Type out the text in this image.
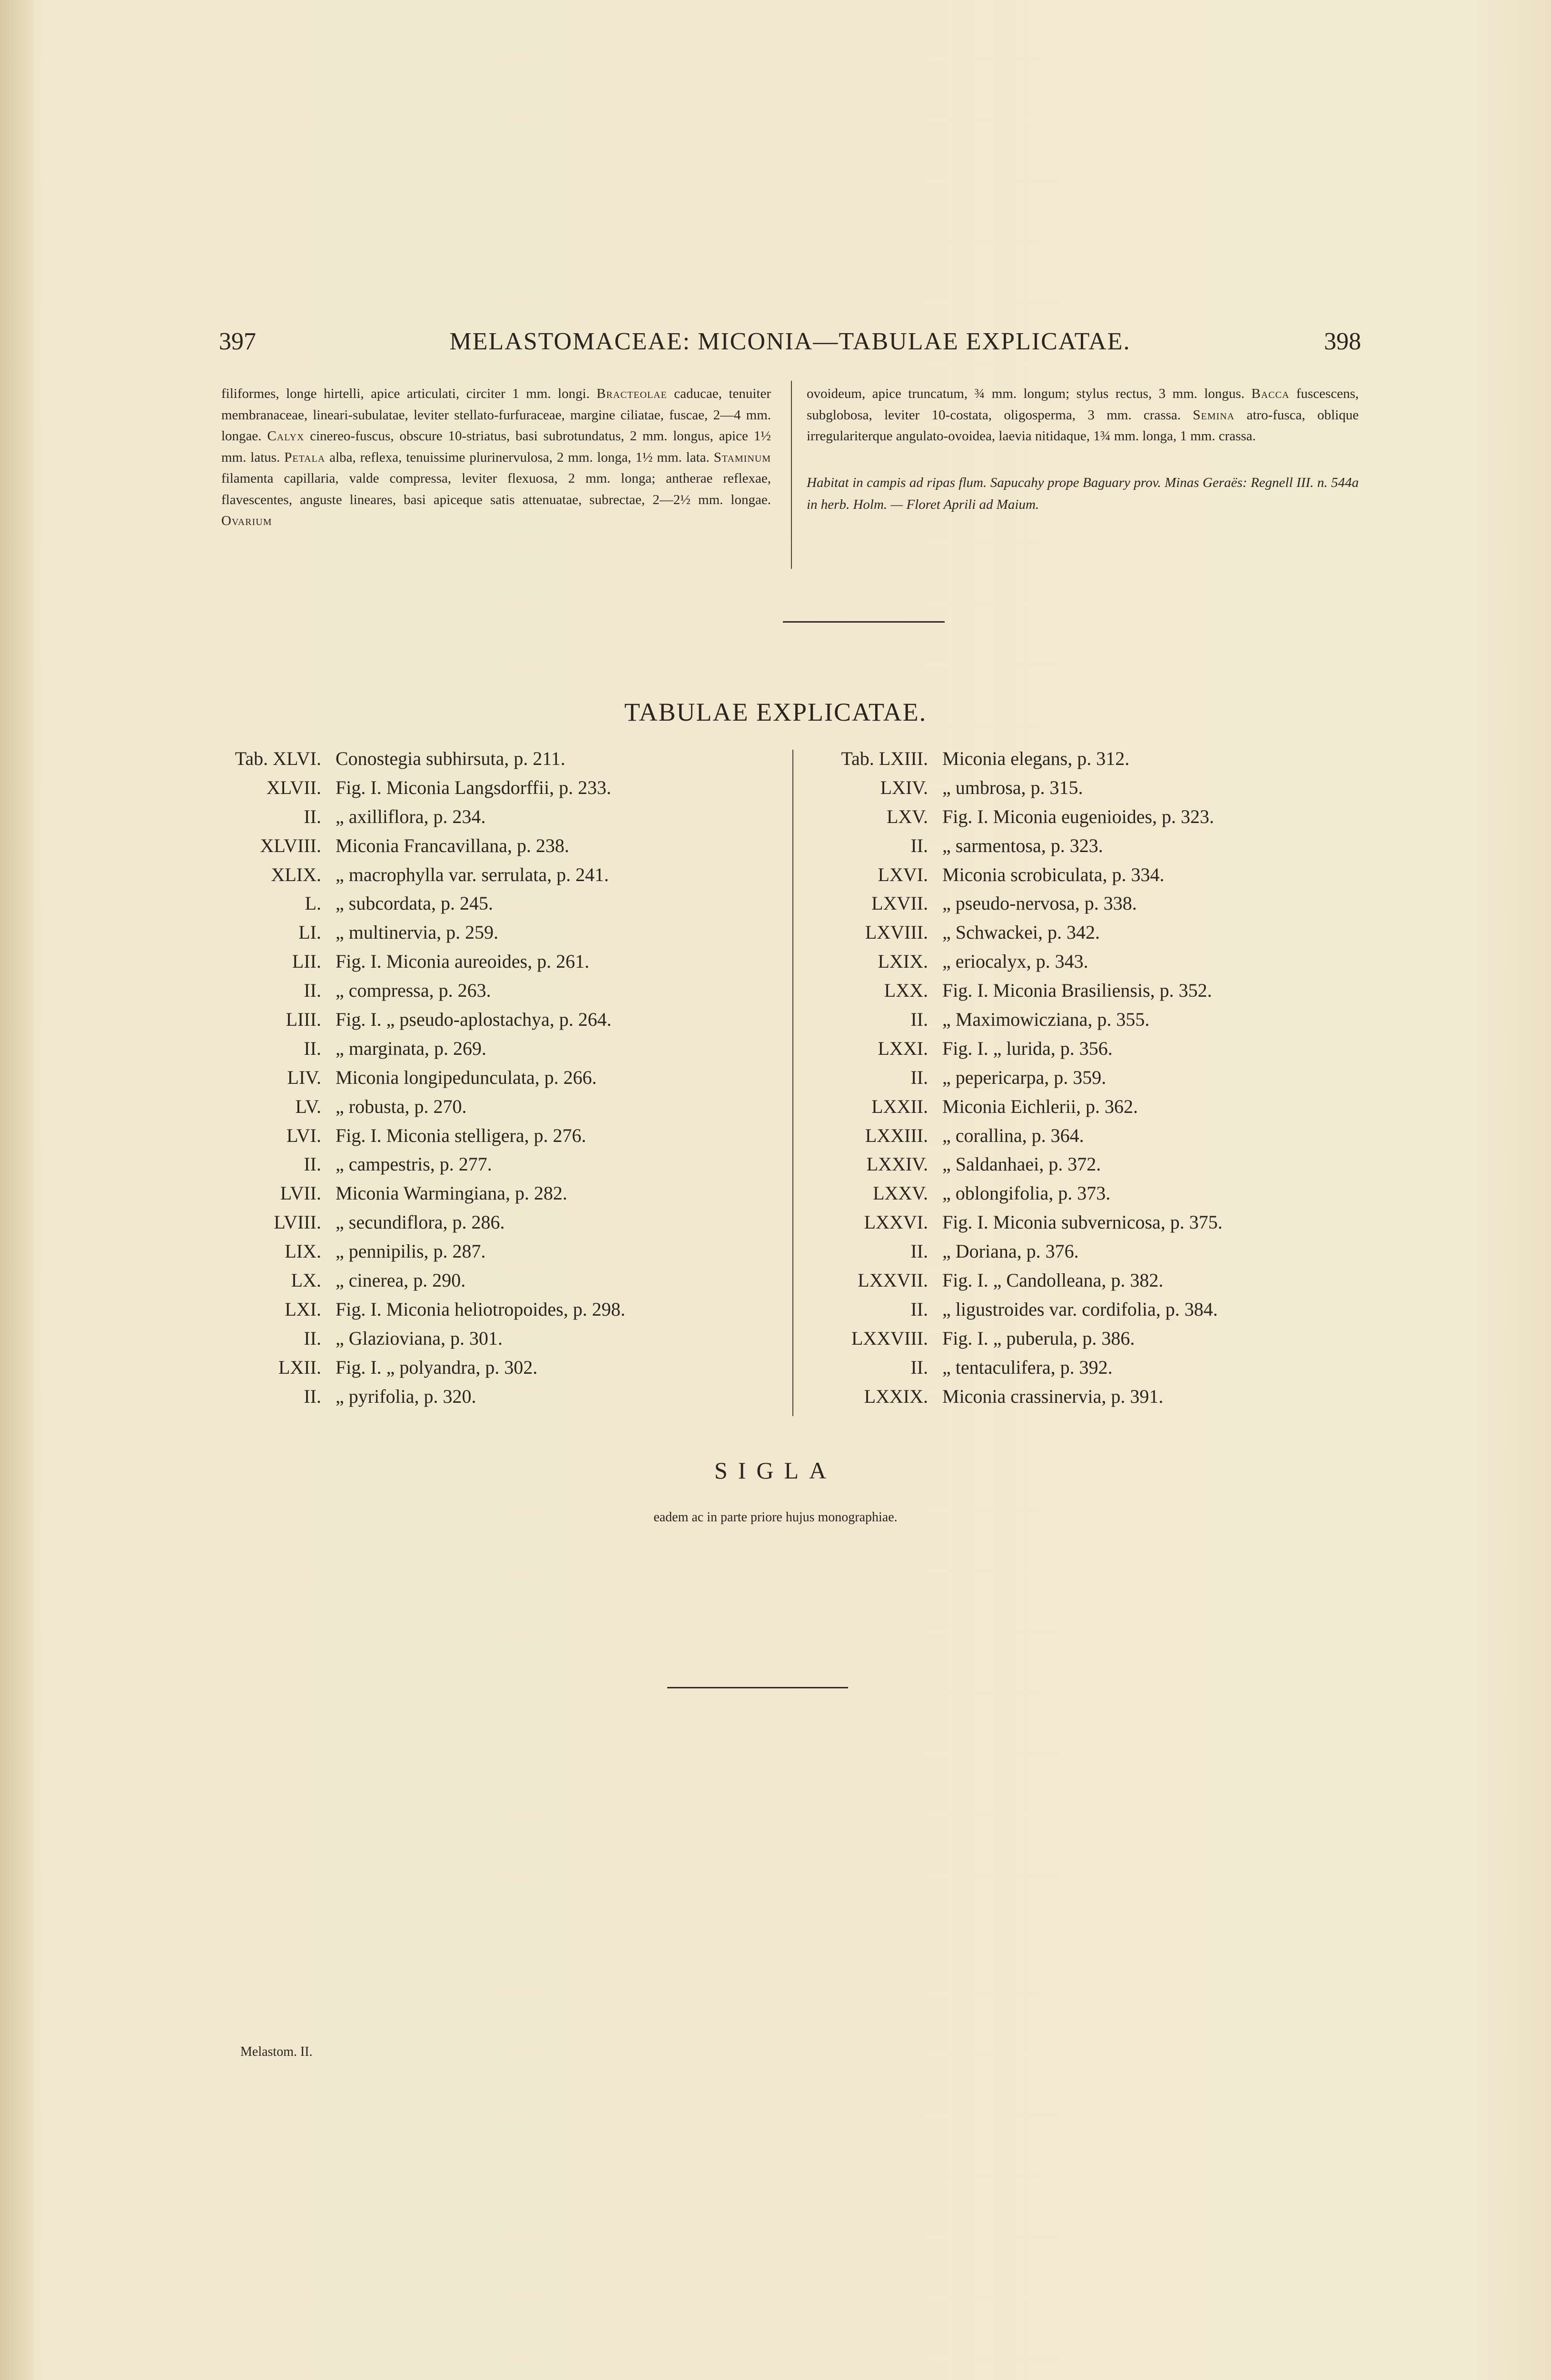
397	MELASTOMACEAE: MICONIA—TABULAE EXPLICATAE.	398
filiformes, longe hirtelli, apice articulati, circiter 1 mm. longi. Bracteolae caducae, tenuiter membranaceae, lineari-subulatae, leviter stellato-furfuraceae, margine ciliatae, fuscae, 2—4 mm. longae. Calyx cinereo-fuscus, obscure 10-striatus, basi subrotundatus, 2 mm. longus, apice 1½ mm. latus. Petala alba, reflexa, tenuissime plurinervulosa, 2 mm. longa, 1½ mm. lata. Staminum filamenta capillaria, valde compressa, leviter flexuosa, 2 mm. longa; antherae reflexae, flavescentes, anguste lineares, basi apiceque satis attenuatae, subrectae, 2—2½ mm. longae. Ovarium
ovoideum, apice truncatum, ¾ mm. longum; stylus rectus, 3 mm. longus. Bacca fuscescens, subglobosa, leviter 10-costata, oligosperma, 3 mm. crassa. Semina atro-fusca, oblique irregulariterque angulato-ovoidea, laevia nitidaque, 1¾ mm. longa, 1 mm. crassa.
Habitat in campis ad ripas flum. Sapucahy prope Baguary prov. Minas Geraës: Regnell III. n. 544a in herb. Holm. — Floret Aprili ad Maium.
TABULAE EXPLICATAE.
Tab. XLVI. Conostegia subhirsuta, p. 211.
XLVII. Fig. I. Miconia Langsdorffii, p. 233.
II. „ axilliflora, p. 234.
XLVIII. Miconia Francavillana, p. 238.
XLIX. „ macrophylla var. serrulata, p. 241.
L. „ subcordata, p. 245.
LI. „ multinervia, p. 259.
LII. Fig. I. Miconia aureoides, p. 261.
II. „ compressa, p. 263.
LIII. Fig. I. „ pseudo-aplostachya, p. 264.
II. „ marginata, p. 269.
LIV. Miconia longipedunculata, p. 266.
LV. „ robusta, p. 270.
LVI. Fig. I. Miconia stelligera, p. 276.
II. „ campestris, p. 277.
LVII. Miconia Warmingiana, p. 282.
LVIII. „ secundiflora, p. 286.
LIX. „ pennipilis, p. 287.
LX. „ cinerea, p. 290.
LXI. Fig. I. Miconia heliotropoides, p. 298.
II. „ Glazioviana, p. 301.
LXII. Fig. I. „ polyandra, p. 302.
II. „ pyrifolia, p. 320.
Tab. LXIII. Miconia elegans, p. 312.
LXIV. „ umbrosa, p. 315.
LXV. Fig. I. Miconia eugenioides, p. 323.
II. „ sarmentosa, p. 323.
LXVI. Miconia scrobiculata, p. 334.
LXVII. „ pseudo-nervosa, p. 338.
LXVIII. „ Schwackei, p. 342.
LXIX. „ eriocalyx, p. 343.
LXX. Fig. I. Miconia Brasiliensis, p. 352.
II. „ Maximowicziana, p. 355.
LXXI. Fig. I. „ lurida, p. 356.
II. „ pepericarpa, p. 359.
LXXII. Miconia Eichlerii, p. 362.
LXXIII. „ corallina, p. 364.
LXXIV. „ Saldanhaei, p. 372.
LXXV. „ oblongifolia, p. 373.
LXXVI. Fig. I. Miconia subvernicosa, p. 375.
II. „ Doriana, p. 376.
LXXVII. Fig. I. „ Candolleana, p. 382.
II. „ ligustroides var. cordifolia, p. 384.
LXXVIII. Fig. I. „ puberula, p. 386.
II. „ tentaculifera, p. 392.
LXXIX. Miconia crassinervia, p. 391.
SIGLA
eadem ac in parte priore hujus monographiae.
Melastom. II.
